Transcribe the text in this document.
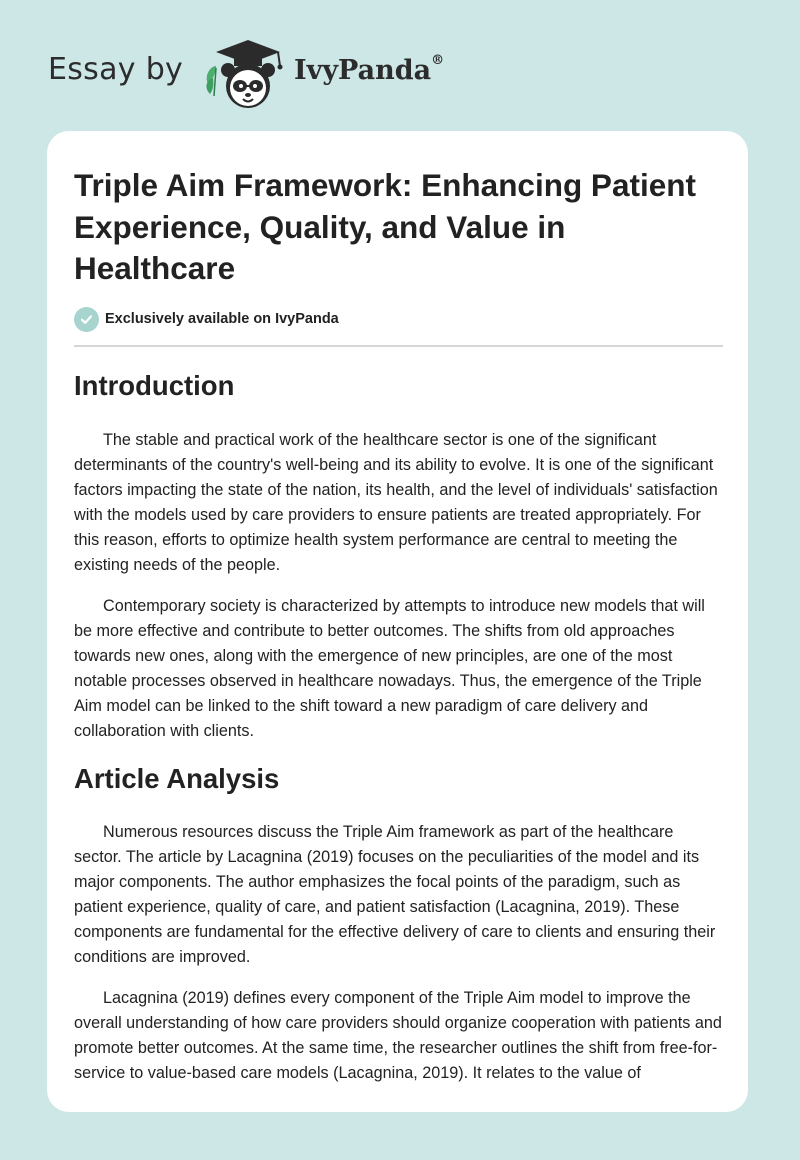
Essay by	IvyPanda®
Triple Aim Framework: Enhancing Patient Experience, Quality, and Value in Healthcare
Exclusively available on IvyPanda
Introduction

The stable and practical work of the healthcare sector is one of the significant determinants of the country's well-being and its ability to evolve. It is one of the significant factors impacting the state of the nation, its health, and the level of individuals' satisfaction with the models used by care providers to ensure patients are treated appropriately. For this reason, efforts to optimize health system performance are central to meeting the existing needs of the people.

Contemporary society is characterized by attempts to introduce new models that will be more effective and contribute to better outcomes. The shifts from old approaches towards new ones, along with the emergence of new principles, are one of the most notable processes observed in healthcare nowadays. Thus, the emergence of the Triple Aim model can be linked to the shift toward a new paradigm of care delivery and collaboration with clients.

Article Analysis

Numerous resources discuss the Triple Aim framework as part of the healthcare sector. The article by Lacagnina (2019) focuses on the peculiarities of the model and its major components. The author emphasizes the focal points of the paradigm, such as patient experience, quality of care, and patient satisfaction (Lacagnina, 2019). These components are fundamental for the effective delivery of care to clients and ensuring their conditions are improved.

Lacagnina (2019) defines every component of the Triple Aim model to improve the overall understanding of how care providers should organize cooperation with patients and promote better outcomes. At the same time, the researcher outlines the shift from free-for-service to value-based care models (Lacagnina, 2019). It relates to the value of
